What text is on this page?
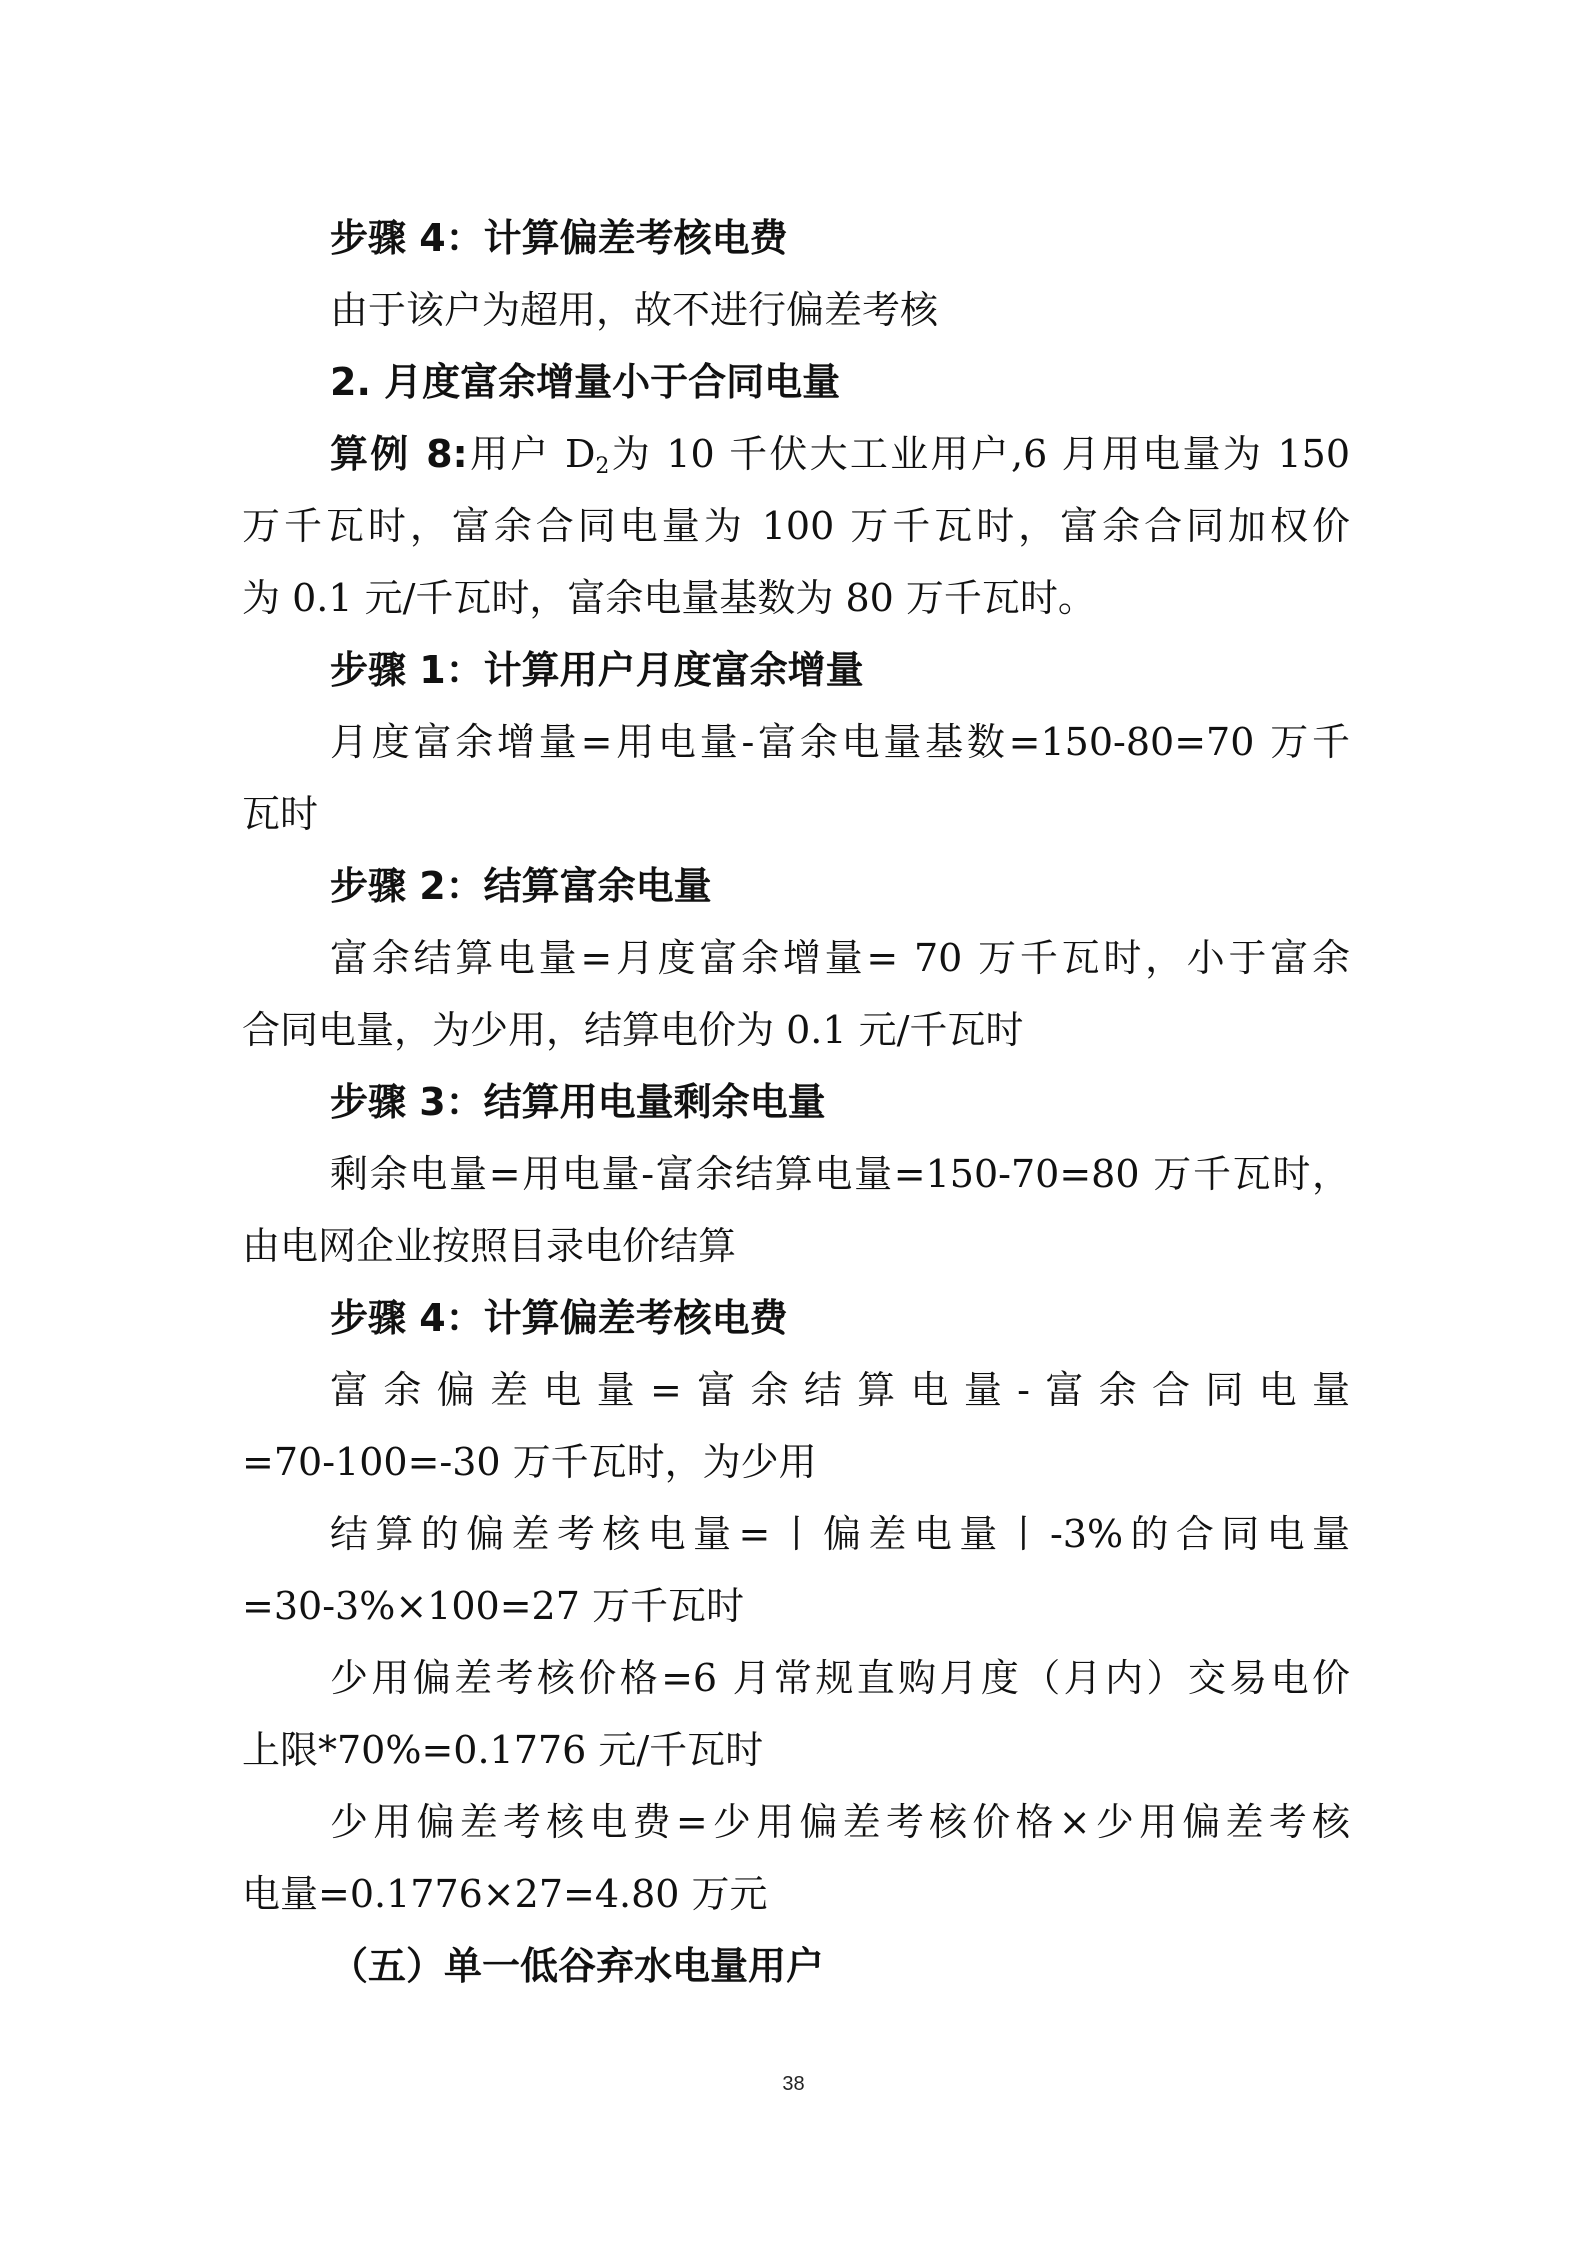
步骤 4：计算偏差考核电费
由于该户为超用，故不进行偏差考核
2. 月度富余增量小于合同电量
算例 8:用户 $D_2$为 10 千伏大工业用户,6 月用电量为 150
万千瓦时，富余合同电量为 100 万千瓦时，富余合同加权价
为 0.1 元/千瓦时，富余电量基数为 80 万千瓦时。
步骤 1：计算用户月度富余增量
月度富余增量=用电量-富余电量基数=150-80=70 万千
瓦时
步骤 2：结算富余电量
富余结算电量=月度富余增量= 70 万千瓦时，小于富余
合同电量，为少用，结算电价为 0.1 元/千瓦时
步骤 3：结算用电量剩余电量
剩余电量=用电量-富余结算电量=150-70=80 万千瓦时，
由电网企业按照目录电价结算
步骤 4：计算偏差考核电费
富余偏差电量=富余结算电量-富余合同电量
=70-100=-30 万千瓦时，为少用
结算的偏差考核电量=丨偏差电量丨-3%的合同电量
=30-3%×100=27 万千瓦时
少用偏差考核价格=6 月常规直购月度（月内）交易电价
上限*70%=0.1776 元/千瓦时
少用偏差考核电费=少用偏差考核价格×少用偏差考核
电量=0.1776×27=4.80 万元
（五）单一低谷弃水电量用户
38
